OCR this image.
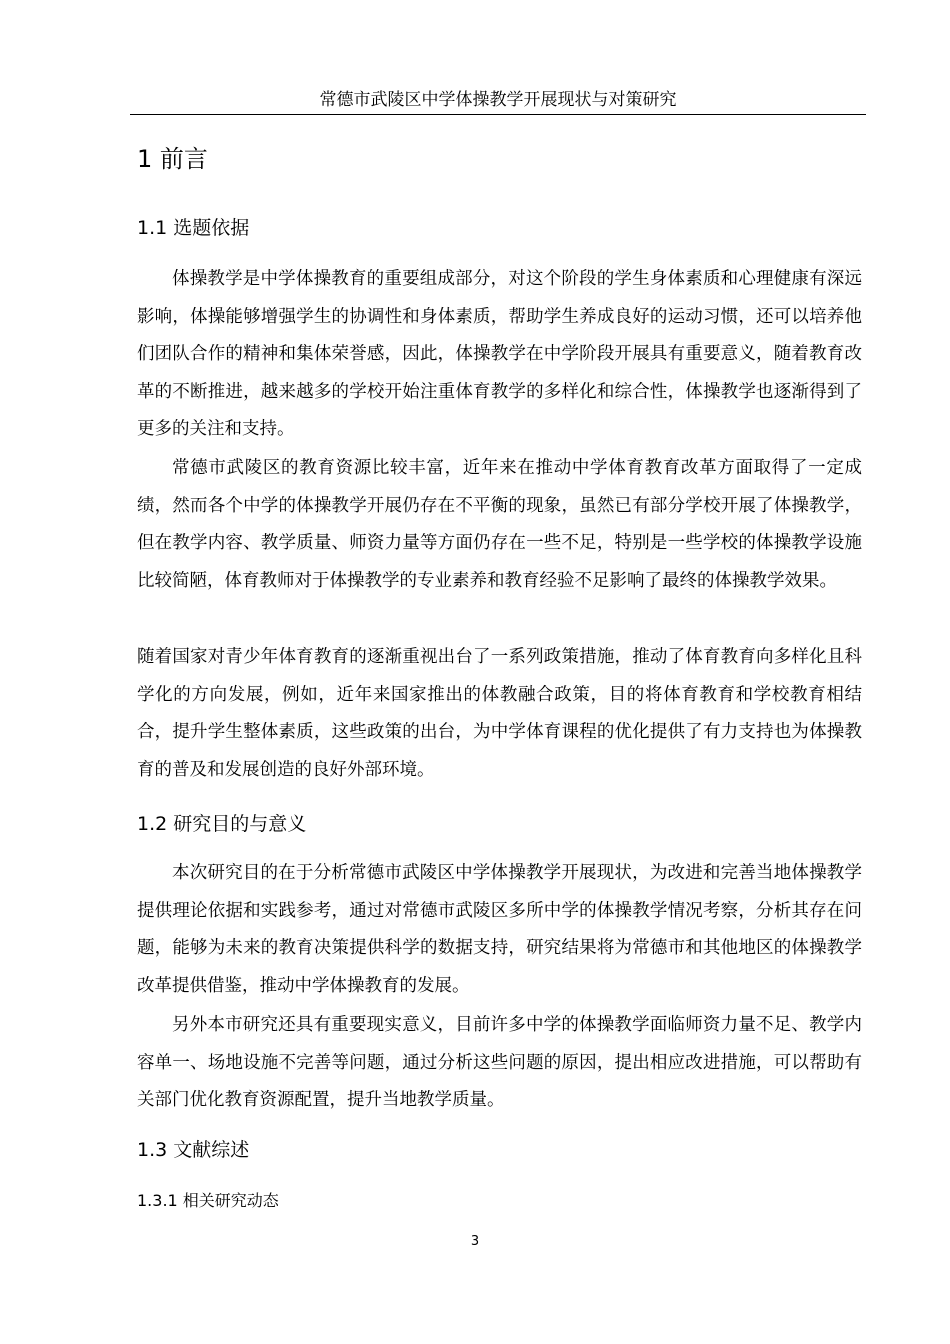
常德市武陵区中学体操教学开展现状与对策研究
1 前言
1.1 选题依据

体操教学是中学体操教育的重要组成部分，对这个阶段的学生身体素质和心理健康有深远影响，体操能够增强学生的协调性和身体素质，帮助学生养成良好的运动习惯，还可以培养他们团队合作的精神和集体荣誉感，因此，体操教学在中学阶段开展具有重要意义，随着教育改革的不断推进，越来越多的学校开始注重体育教学的多样化和综合性，体操教学也逐渐得到了更多的关注和支持。

常德市武陵区的教育资源比较丰富，近年来在推动中学体育教育改革方面取得了一定成绩，然而各个中学的体操教学开展仍存在不平衡的现象，虽然已有部分学校开展了体操教学，但在教学内容、教学质量、师资力量等方面仍存在一些不足，特别是一些学校的体操教学设施比较简陋，体育教师对于体操教学的专业素养和教育经验不足影响了最终的体操教学效果。

随着国家对青少年体育教育的逐渐重视出台了一系列政策措施，推动了体育教育向多样化且科学化的方向发展，例如，近年来国家推出的体教融合政策，目的将体育教育和学校教育相结合，提升学生整体素质，这些政策的出台，为中学体育课程的优化提供了有力支持也为体操教育的普及和发展创造的良好外部环境。

1.2 研究目的与意义

本次研究目的在于分析常德市武陵区中学体操教学开展现状，为改进和完善当地体操教学提供理论依据和实践参考，通过对常德市武陵区多所中学的体操教学情况考察，分析其存在问题，能够为未来的教育决策提供科学的数据支持，研究结果将为常德市和其他地区的体操教学改革提供借鉴，推动中学体操教育的发展。

另外本市研究还具有重要现实意义，目前许多中学的体操教学面临师资力量不足、教学内容单一、场地设施不完善等问题，通过分析这些问题的原因，提出相应改进措施，可以帮助有关部门优化教育资源配置，提升当地教学质量。

1.3 文献综述
1.3.1 相关研究动态
3
